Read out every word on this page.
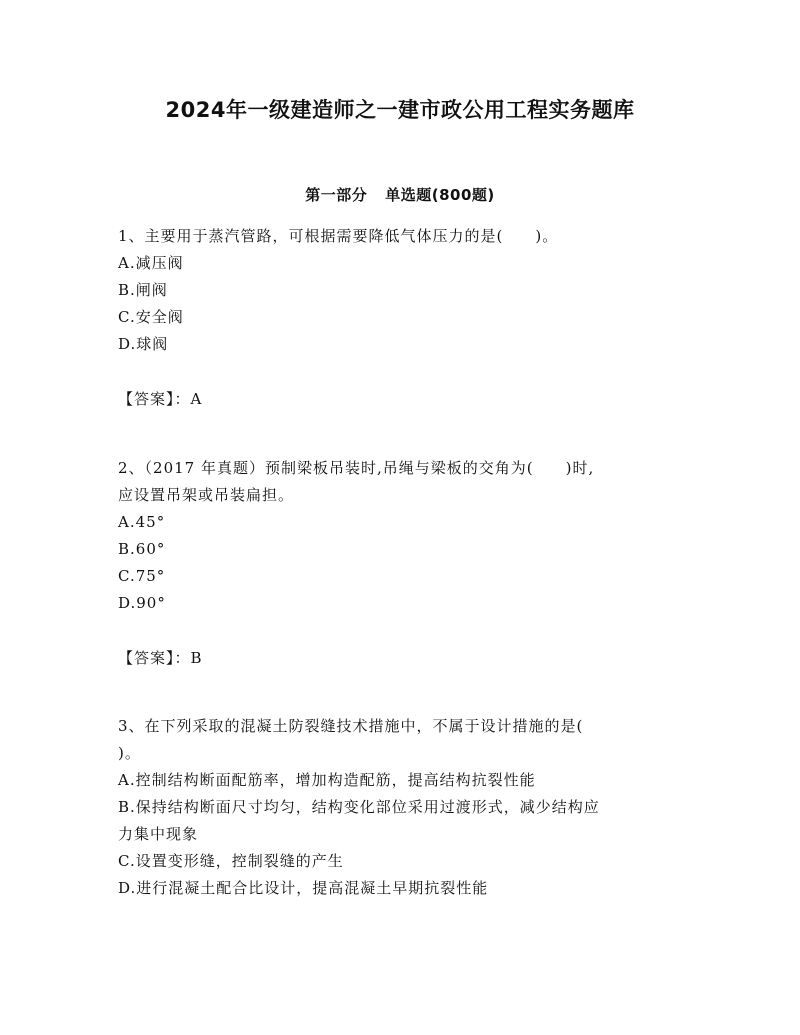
2024年一级建造师之一建市政公用工程实务题库
第一部分 单选题(800题)
1、主要用于蒸汽管路，可根据需要降低气体压力的是(　　)。
A.减压阀
B.闸阀
C.安全阀
D.球阀
【答案】：A
2、（2017 年真题）预制梁板吊装时,吊绳与梁板的交角为(　　)时,
应设置吊架或吊装扁担。
A.45°
B.60°
C.75°
D.90°
【答案】：B
3、在下列采取的混凝土防裂缝技术措施中，不属于设计措施的是(
)。
A.控制结构断面配筋率，增加构造配筋，提高结构抗裂性能
B.保持结构断面尺寸均匀，结构变化部位采用过渡形式，减少结构应
力集中现象
C.设置变形缝，控制裂缝的产生
D.进行混凝土配合比设计，提高混凝土早期抗裂性能
